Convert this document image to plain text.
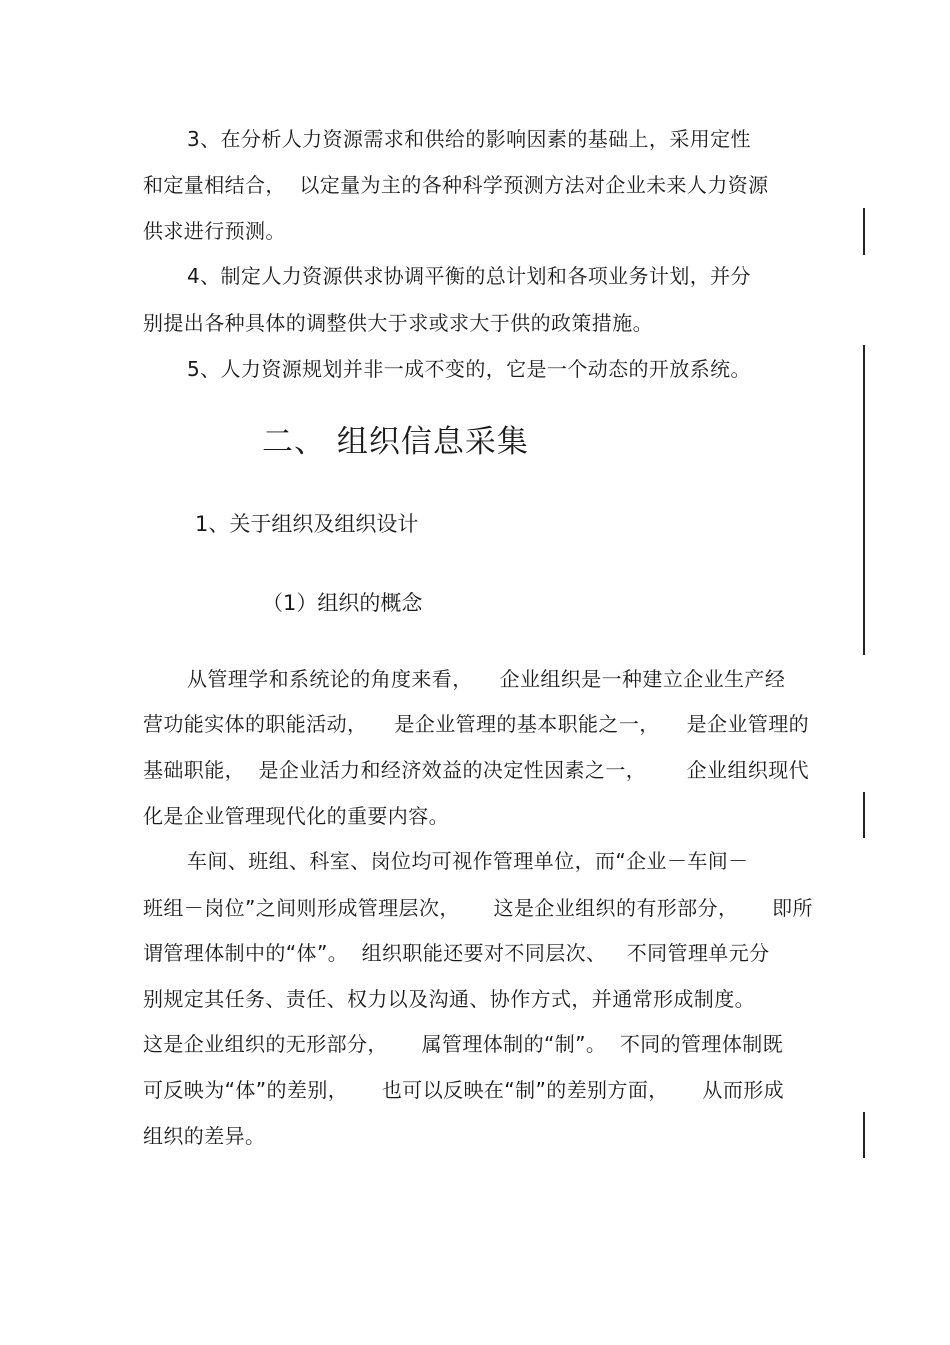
3、在分析人力资源需求和供给的影响因素的基础上，采用定性
和定量相结合，  以定量为主的各种科学预测方法对企业未来人力资源
供求进行预测。
4、制定人力资源供求协调平衡的总计划和各项业务计划，并分
别提出各种具体的调整供大于求或求大于供的政策措施。
5、人力资源规划并非一成不变的，它是一个动态的开放系统。
二、 组织信息采集
1、关于组织及组织设计
（1）组织的概念
从管理学和系统论的角度来看，    企业组织是一种建立企业生产经
营功能实体的职能活动，    是企业管理的基本职能之一，    是企业管理的
基础职能，  是企业活力和经济效益的决定性因素之一，      企业组织现代
化是企业管理现代化的重要内容。
车间、班组、科室、岗位均可视作管理单位，而“企业－车间－
班组－岗位”之间则形成管理层次，     这是企业组织的有形部分，     即所
谓管理体制中的“体”。  组织职能还要对不同层次、   不同管理单元分
别规定其任务、责任、权力以及沟通、协作方式，并通常形成制度。
这是企业组织的无形部分，     属管理体制的“制”。  不同的管理体制既
可反映为“体”的差别，     也可以反映在“制”的差别方面，     从而形成
组织的差异。
